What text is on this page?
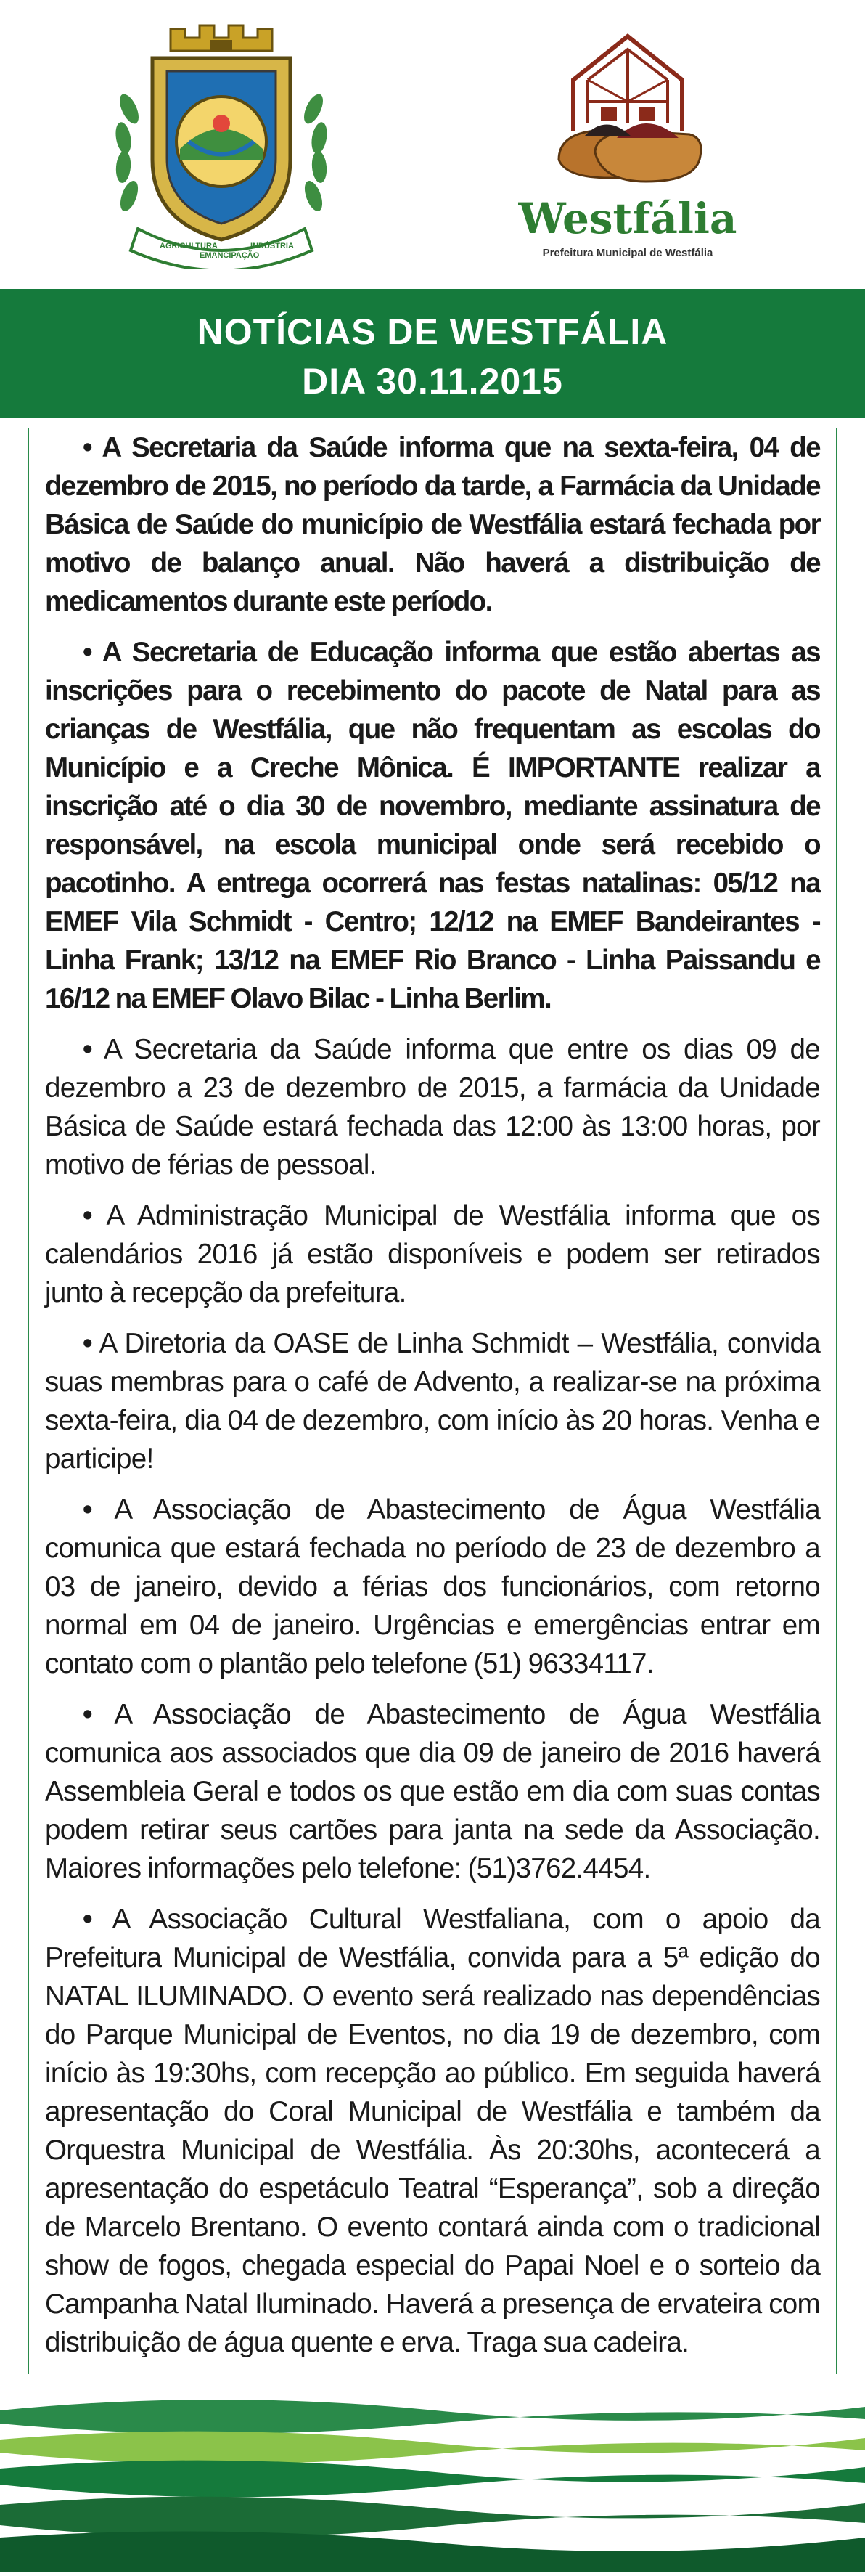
AGRICULTURA
EMANCIPAÇÃO
INDÚSTRIA
Westfália
Prefeitura Municipal de Westfália
NOTÍCIAS DE WESTFÁLIA
DIA 30.11.2015

• A Secretaria da Saúde informa que na sexta-feira, 04 de dezembro de 2015, no período da tarde, a Farmácia da Unidade Básica de Saúde do município de Westfália estará fechada por motivo de balanço anual. Não haverá a distribuição de medicamentos durante este período.

• A Secretaria de Educação informa que estão abertas as inscrições para o recebimento do pacote de Natal para as crianças de Westfália, que não frequentam as escolas do Município e a Creche Mônica. É IMPORTANTE realizar a inscrição até o dia 30 de novembro, mediante assinatura de responsável, na escola municipal onde será recebido o pacotinho. A entrega ocorrerá nas festas natalinas: 05/12 na EMEF Vila Schmidt - Centro; 12/12 na EMEF Bandeirantes - Linha Frank; 13/12 na EMEF Rio Branco - Linha Paissandu e 16/12 na EMEF Olavo Bilac - Linha Berlim.

• A Secretaria da Saúde informa que entre os dias 09 de dezembro a 23 de dezembro de 2015, a farmácia da Unidade Básica de Saúde estará fechada das 12:00 às 13:00 horas, por motivo de férias de pessoal.

• A Administração Municipal de Westfália informa que os calendários 2016 já estão disponíveis e podem ser retirados junto à recepção da prefeitura.

• A Diretoria da OASE de Linha Schmidt – Westfália, convida suas membras para o café de Advento, a realizar-se na próxima sexta-feira, dia 04 de dezembro, com início às 20 horas. Venha e participe!

• A Associação de Abastecimento de Água Westfália comunica que estará fechada no período de 23 de dezembro a 03 de janeiro, devido a férias dos funcionários, com retorno normal em 04 de janeiro. Urgências e emergências entrar em contato com o plantão pelo telefone (51) 96334117.

• A Associação de Abastecimento de Água Westfália comunica aos associados que dia 09 de janeiro de 2016 haverá Assembleia Geral e todos os que estão em dia com suas contas podem retirar seus cartões para janta na sede da Associação. Maiores informações pelo telefone: (51)3762.4454.

• A Associação Cultural Westfaliana, com o apoio da Prefeitura Municipal de Westfália, convida para a 5ª edição do NATAL ILUMINADO. O evento será realizado nas dependências do Parque Municipal de Eventos, no dia 19 de dezembro, com início às 19:30hs, com recepção ao público. Em seguida haverá apresentação do Coral Municipal de Westfália e também da Orquestra Municipal de Westfália. Às 20:30hs, acontecerá a apresentação do espetáculo Teatral “Esperança”, sob a direção de Marcelo Brentano. O evento contará ainda com o tradicional show de fogos, chegada especial do Papai Noel e o sorteio da Campanha Natal Iluminado. Haverá a presença de ervateira com distribuição de água quente e erva. Traga sua cadeira.
